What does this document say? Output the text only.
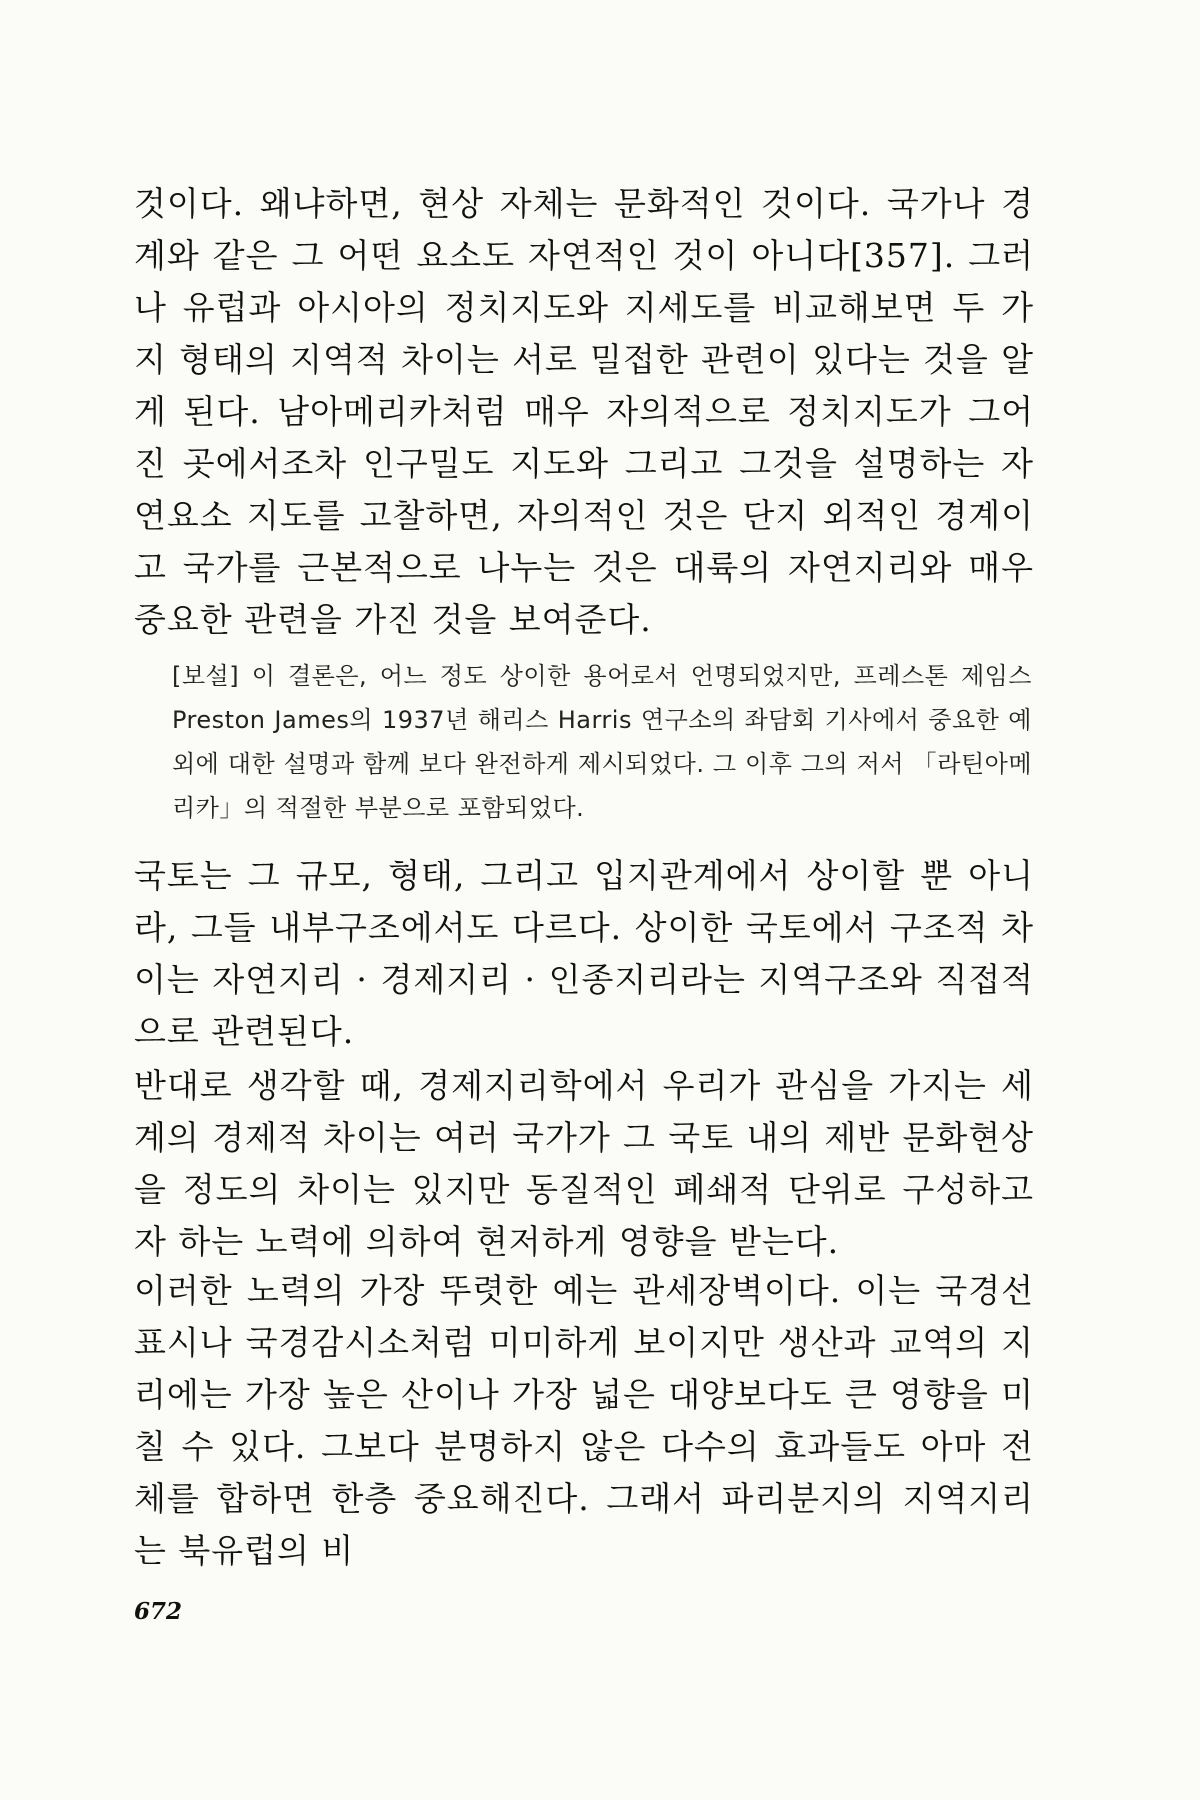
것이다. 왜냐하면, 현상 자체는 문화적인 것이다. 국가나 경계와 같은 그 어떤 요소도 자연적인 것이 아니다[357]. 그러나 유럽과 아시아의 정치지도와 지세도를 비교해보면 두 가지 형태의 지역적 차이는 서로 밀접한 관련이 있다는 것을 알게 된다. 남아메리카처럼 매우 자의적으로 정치지도가 그어진 곳에서조차 인구밀도 지도와 그리고 그것을 설명하는 자연요소 지도를 고찰하면, 자의적인 것은 단지 외적인 경계이고 국가를 근본적으로 나누는 것은 대륙의 자연지리와 매우 중요한 관련을 가진 것을 보여준다.

[보설] 이 결론은, 어느 정도 상이한 용어로서 언명되었지만, 프레스톤 제임스 Preston James의 1937년 해리스 Harris 연구소의 좌담회 기사에서 중요한 예외에 대한 설명과 함께 보다 완전하게 제시되었다. 그 이후 그의 저서 「라틴아메리카」의 적절한 부분으로 포함되었다.

국토는 그 규모, 형태, 그리고 입지관계에서 상이할 뿐 아니라, 그들 내부구조에서도 다르다. 상이한 국토에서 구조적 차이는 자연지리 · 경제지리 · 인종지리라는 지역구조와 직접적으로 관련된다.

반대로 생각할 때, 경제지리학에서 우리가 관심을 가지는 세계의 경제적 차이는 여러 국가가 그 국토 내의 제반 문화현상을 정도의 차이는 있지만 동질적인 폐쇄적 단위로 구성하고자 하는 노력에 의하여 현저하게 영향을 받는다.

이러한 노력의 가장 뚜렷한 예는 관세장벽이다. 이는 국경선 표시나 국경감시소처럼 미미하게 보이지만 생산과 교역의 지리에는 가장 높은 산이나 가장 넓은 대양보다도 큰 영향을 미칠 수 있다. 그보다 분명하지 않은 다수의 효과들도 아마 전체를 합하면 한층 중요해진다. 그래서 파리분지의 지역지리는 북유럽의 비

672
